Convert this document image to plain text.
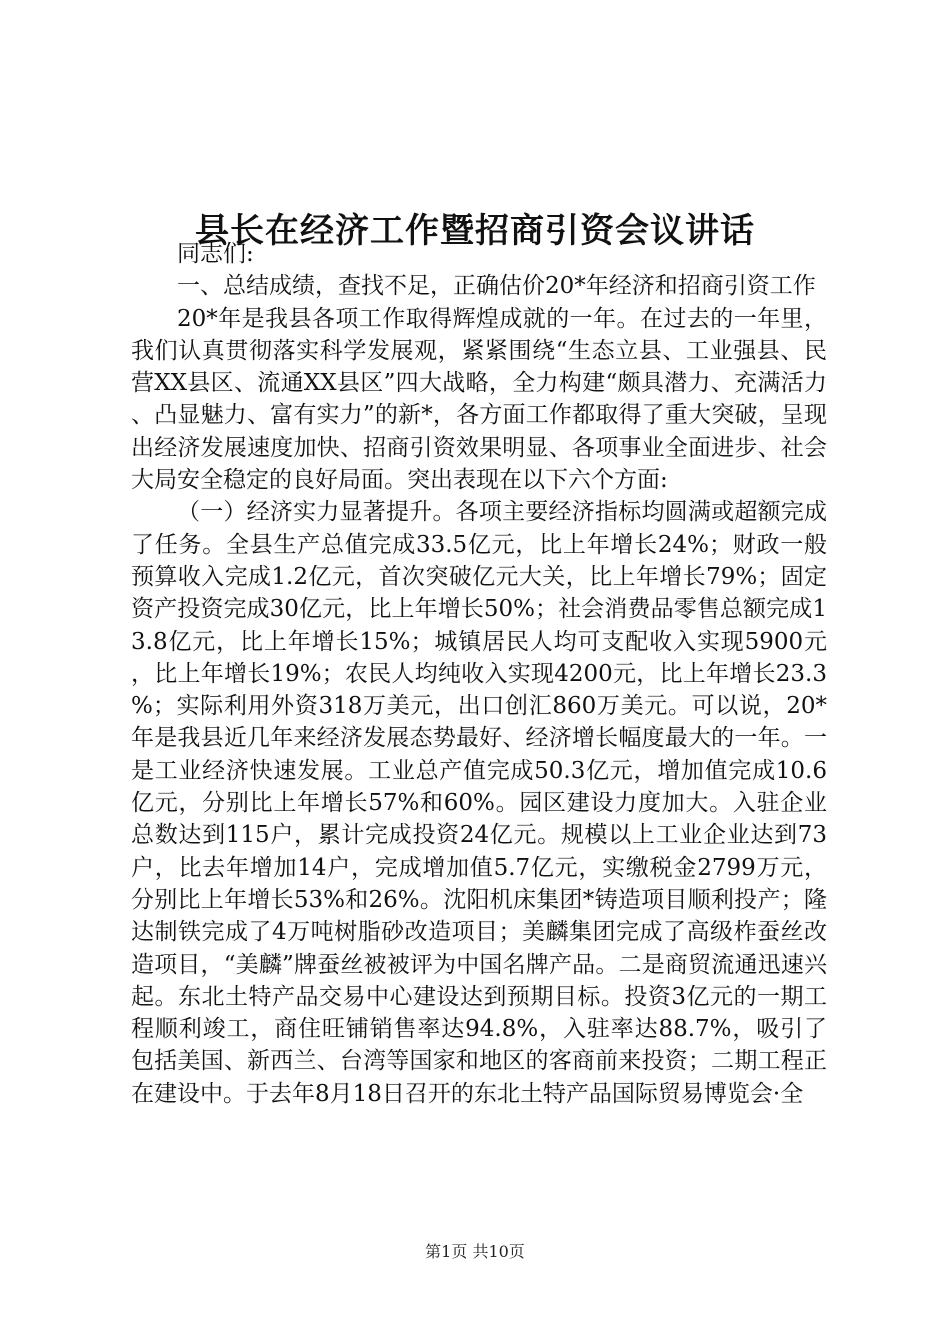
县长在经济工作暨招商引资会议讲话

同志们:

一、总结成绩，查找不足，正确估价20*年经济和招商引资工作

20*年是我县各项工作取得辉煌成就的一年。在过去的一年里，我们认真贯彻落实科学发展观，紧紧围绕“生态立县、工业强县、民营XX县区、流通XX县区”四大战略，全力构建“颇具潜力、充满活力、凸显魅力、富有实力”的新*，各方面工作都取得了重大突破，呈现出经济发展速度加快、招商引资效果明显、各项事业全面进步、社会大局安全稳定的良好局面。突出表现在以下六个方面:

（一）经济实力显著提升。各项主要经济指标均圆满或超额完成了任务。全县生产总值完成33.5亿元，比上年增长24%；财政一般预算收入完成1.2亿元，首次突破亿元大关，比上年增长79%；固定资产投资完成30亿元，比上年增长50%；社会消费品零售总额完成13.8亿元，比上年增长15%；城镇居民人均可支配收入实现5900元，比上年增长19%；农民人均纯收入实现4200元，比上年增长23.3%；实际利用外资318万美元，出口创汇860万美元。可以说，20*年是我县近几年来经济发展态势最好、经济增长幅度最大的一年。一是工业经济快速发展。工业总产值完成50.3亿元，增加值完成10.6亿元，分别比上年增长57%和60%。园区建设力度加大。入驻企业总数达到115户，累计完成投资24亿元。规模以上工业企业达到73户，比去年增加14户，完成增加值5.7亿元，实缴税金2799万元，分别比上年增长53%和26%。沈阳机床集团*铸造项目顺利投产；隆达制铁完成了4万吨树脂砂改造项目；美麟集团完成了高级柞蚕丝改造项目，“美麟”牌蚕丝被被评为中国名牌产品。二是商贸流通迅速兴起。东北土特产品交易中心建设达到预期目标。投资3亿元的一期工程顺利竣工，商住旺铺销售率达94.8%，入驻率达88.7%，吸引了包括美国、新西兰、台湾等国家和地区的客商前来投资；二期工程正在建设中。于去年8月18日召开的东北土特产品国际贸易博览会·全

第1页 共10页
